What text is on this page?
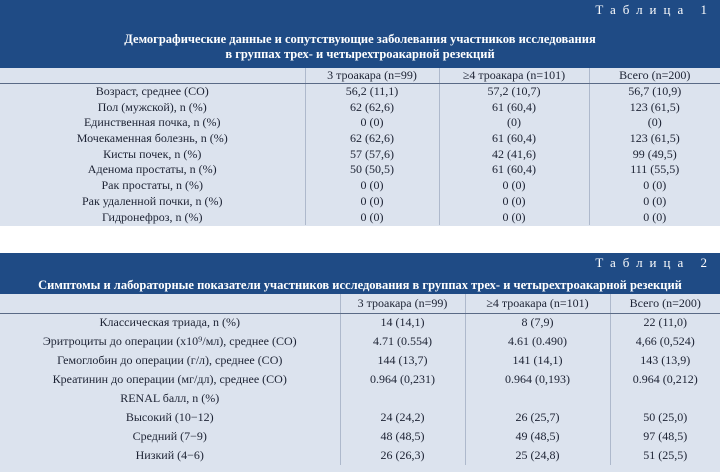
Таблица 1
Демографические данные и сопутствующие заболевания участников исследования
в группах трех- и четырехтроакарной резекций
	3 троакара (n=99)	≥4 троакара (n=101)	Всего (n=200)
Возраст, среднее (СО)	56,2 (11,1)	57,2 (10,7)	56,7 (10,9)
Пол (мужской), n (%)	62 (62,6)	61 (60,4)	123 (61,5)
Единственная почка, n (%)	0 (0)	(0)	(0)
Мочекаменная болезнь, n (%)	62 (62,6)	61 (60,4)	123 (61,5)
Кисты почек, n (%)	57 (57,6)	42 (41,6)	99 (49,5)
Аденома простаты, n (%)	50 (50,5)	61 (60,4)	111 (55,5)
Рак простаты, n (%)	0 (0)	0 (0)	0 (0)
Рак удаленной почки, n (%)	0 (0)	0 (0)	0 (0)
Гидронефроз, n (%)	0 (0)	0 (0)	0 (0)
Таблица 2
Симптомы и лабораторные показатели участников исследования в группах трех- и четырехтроакарной резекций
	3 троакара (n=99)	≥4 троакара (n=101)	Всего (n=200)
Классическая триада, n (%)	14 (14,1)	8 (7,9)	22 (11,0)
Эритроциты до операции (х10⁹/мл), среднее (СО)	4.71 (0.554)	4.61 (0.490)	4,66 (0,524)
Гемоглобин до операции (г/л), среднее (СО)	144 (13,7)	141 (14,1)	143 (13,9)
Креатинин до операции (мг/дл), среднее (СО)	0.964 (0,231)	0.964 (0,193)	0.964 (0,212)
RENAL балл, n (%)			
Высокий (10−12)	24 (24,2)	26 (25,7)	50 (25,0)
Средний (7−9)	48 (48,5)	49 (48,5)	97 (48,5)
Низкий (4−6)	26 (26,3)	25 (24,8)	51 (25,5)
